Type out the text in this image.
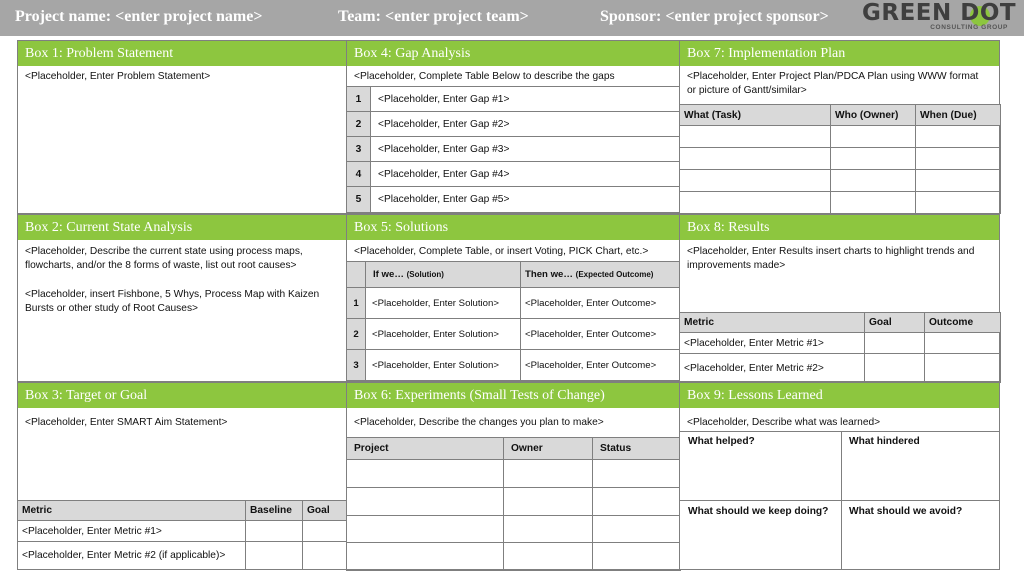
Project name: <enter project name>	Team: <enter project team>	Sponsor: <enter project sponsor> GREEN DOT
CONSULTING GROUP
Box 1: Problem Statement
<Placeholder, Enter Problem Statement>
Box 4: Gap Analysis
<Placeholder, Complete Table Below to describe the gaps
1	<Placeholder, Enter Gap #1>
2	<Placeholder, Enter Gap #2>
3	<Placeholder, Enter Gap #3>
4	<Placeholder, Enter Gap #4>
5	<Placeholder, Enter Gap #5>
Box 7: Implementation Plan
<Placeholder, Enter Project Plan/PDCA Plan using WWW format or picture of Gantt/similar>
What (Task)	Who (Owner)	When (Due)

Box 2: Current State Analysis
<Placeholder, Describe the current state using process maps, flowcharts, and/or the 8 forms of waste, list out root causes>
<Placeholder, insert Fishbone, 5 Whys, Process Map with Kaizen Bursts or other study of Root Causes>
Box 5: Solutions
<Placeholder, Complete Table, or insert Voting, PICK Chart, etc.>
	If we… (Solution)	Then we… (Expected Outcome)
1	<Placeholder, Enter Solution>	<Placeholder, Enter Outcome>
2	<Placeholder, Enter Solution>	<Placeholder, Enter Outcome>
3	<Placeholder, Enter Solution>	<Placeholder, Enter Outcome>
Box 8: Results
<Placeholder, Enter Results insert charts to highlight trends and improvements made>
Metric	Goal	Outcome
<Placeholder, Enter Metric #1>		
<Placeholder, Enter Metric #2>		
Box 3: Target or Goal
<Placeholder, Enter SMART Aim Statement>
Metric	Baseline	Goal
<Placeholder, Enter Metric #1>		
<Placeholder, Enter Metric #2 (if applicable)>		
Box 6: Experiments (Small Tests of Change)
<Placeholder, Describe the changes you plan to make>
Project	Owner	Status

Box 9: Lessons Learned
<Placeholder, Describe what was learned>
What helped?	What hindered
What should we keep doing? What should we avoid?
